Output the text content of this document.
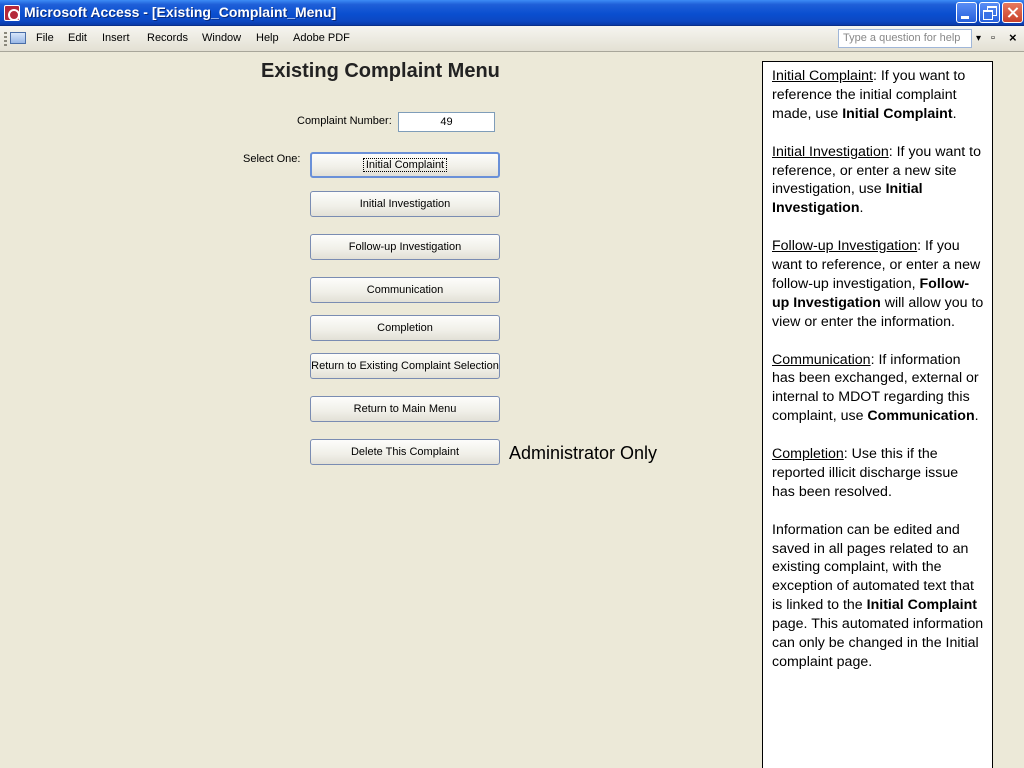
Microsoft Access - [Existing_Complaint_Menu]
File Edit Insert Records Window Help Adobe PDF	Type a question for help	▾ ▫ ×
Existing Complaint Menu
Complaint Number:	49
Select One:	Initial Complaint
Initial Investigation
Follow-up Investigation
Communication
Completion
Return to Existing Complaint Selection
Return to Main Menu
Delete This Complaint	Administrator Only

Initial Complaint: If you want to reference the initial complaint made, use Initial Complaint.

Initial Investigation: If you want to reference, or enter a new site investigation, use Initial Investigation.

Follow-up Investigation: If you want to reference, or enter a new follow-up investigation, Follow-up Investigation will allow you to view or enter the information.

Communication: If information has been exchanged, external or internal to MDOT regarding this complaint, use Communication.

Completion: Use this if the reported illicit discharge issue has been resolved.

Information can be edited and saved in all pages related to an existing complaint, with the exception of automated text that is linked to the Initial Complaint page. This automated information can only be changed in the Initial complaint page.
